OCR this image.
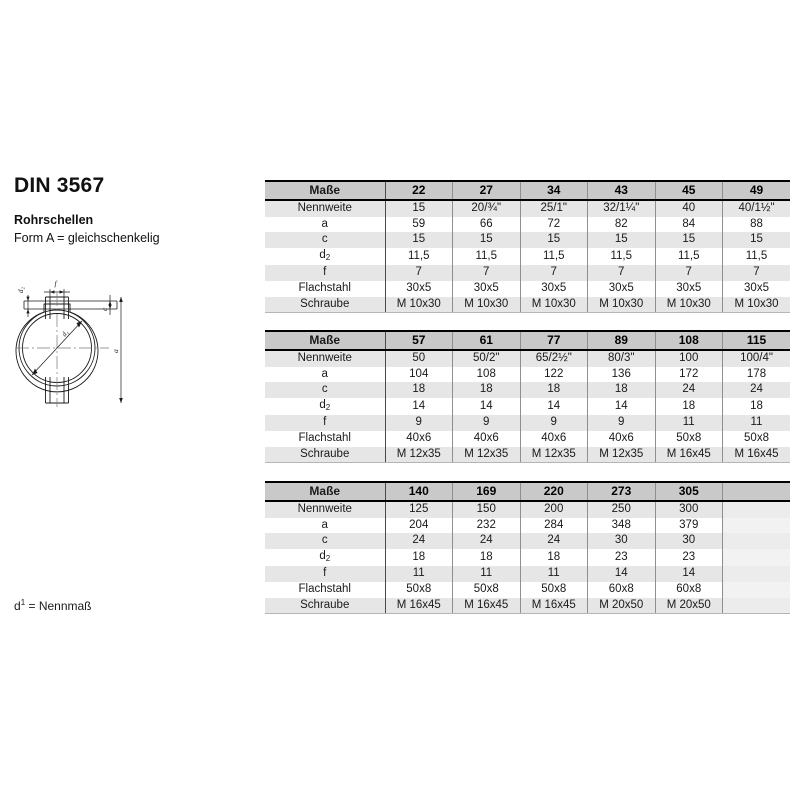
DIN 3567
Rohrschellen
Form A = gleichschenkelig
d₂
f
c
a
d₁
$d^1$ = Nennmaß
Maße	22	27	34	43	45	49
Nennweite	15	20/¾"	25/1"	32/1¼"	40	40/1½"
a	59	66	72	82	84	88
c	15	15	15	15	15	15
$d_2$	11,5	11,5	11,5	11,5	11,5	11,5
f	7	7	7	7	7	7
Flachstahl	30x5	30x5	30x5	30x5	30x5	30x5
Schraube	M 10x30	M 10x30	M 10x30	M 10x30	M 10x30	M 10x30
Maße	57	61	77	89	108	115
Nennweite	50	50/2"	65/2½"	80/3"	100	100/4"
a	104	108	122	136	172	178
c	18	18	18	18	24	24
$d_2$	14	14	14	14	18	18
f	9	9	9	9	11	11
Flachstahl	40x6	40x6	40x6	40x6	50x8	50x8
Schraube	M 12x35	M 12x35	M 12x35	M 12x35	M 16x45	M 16x45
Maße	140	169	220	273	305	
Nennweite	125	150	200	250	300	
a	204	232	284	348	379	
c	24	24	24	30	30	
$d_2$	18	18	18	23	23	
f	11	11	11	14	14	
Flachstahl	50x8	50x8	50x8	60x8	60x8	
Schraube	M 16x45	M 16x45	M 16x45	M 20x50	M 20x50	
